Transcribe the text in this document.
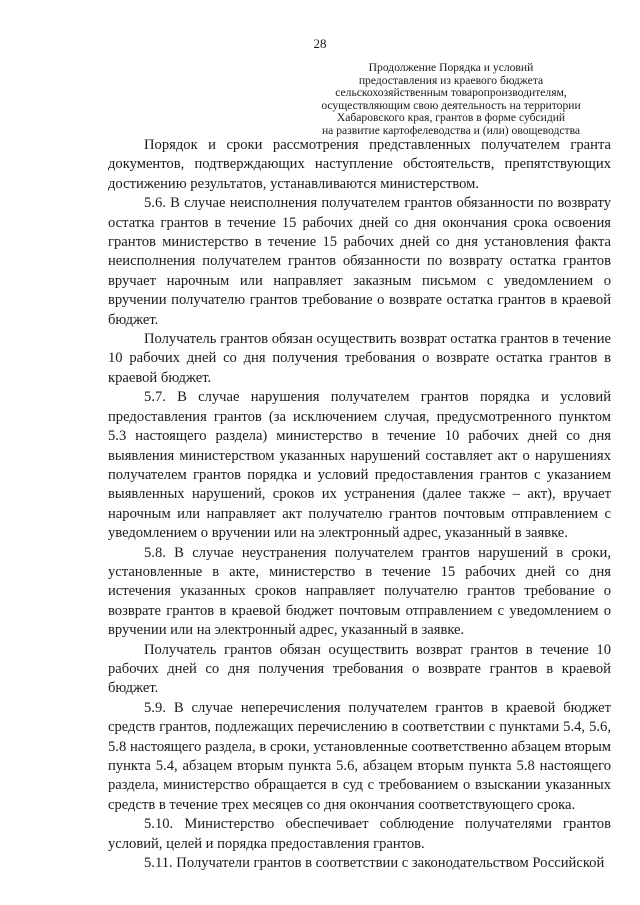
28
Продолжение Порядка и условий
предоставления из краевого бюджета
сельскохозяйственным товаропроизводителям,
осуществляющим свою деятельность на территории
Хабаровского края, грантов в форме субсидий
на развитие картофелеводства и (или) овощеводства

Порядок и сроки рассмотрения представленных получателем гранта документов, подтверждающих наступление обстоятельств, препятствующих достижению результатов, устанавливаются министерством.

5.6. В случае неисполнения получателем грантов обязанности по возврату остатка грантов в течение 15 рабочих дней со дня окончания срока освоения грантов министерство в течение 15 рабочих дней со дня установления факта неисполнения получателем грантов обязанности по возврату остатка грантов вручает нарочным или направляет заказным письмом с уведомлением о вручении получателю грантов требование о возврате остатка грантов в краевой бюджет.

Получатель грантов обязан осуществить возврат остатка грантов в течение 10 рабочих дней со дня получения требования о возврате остатка грантов в краевой бюджет.

5.7. В случае нарушения получателем грантов порядка и условий предоставления грантов (за исключением случая, предусмотренного пунктом 5.3 настоящего раздела) министерство в течение 10 рабочих дней со дня выявления министерством указанных нарушений составляет акт о нарушениях получателем грантов порядка и условий предоставления грантов с указанием выявленных нарушений, сроков их устранения (далее также – акт), вручает нарочным или направляет акт получателю грантов почтовым отправлением с уведомлением о вручении или на электронный адрес, указанный в заявке.

5.8. В случае неустранения получателем грантов нарушений в сроки, установленные в акте, министерство в течение 15 рабочих дней со дня истечения указанных сроков направляет получателю грантов требование о возврате грантов в краевой бюджет почтовым отправлением с уведомлением о вручении или на электронный адрес, указанный в заявке.

Получатель грантов обязан осуществить возврат грантов в течение 10 рабочих дней со дня получения требования о возврате грантов в краевой бюджет.

5.9. В случае неперечисления получателем грантов в краевой бюджет средств грантов, подлежащих перечислению в соответствии с пунктами 5.4, 5.6, 5.8 настоящего раздела, в сроки, установленные соответственно абзацем вторым пункта 5.4, абзацем вторым пункта 5.6, абзацем вторым пункта 5.8 настоящего раздела, министерство обращается в суд с требованием о взыскании указанных средств в течение трех месяцев со дня окончания соответствующего срока.

5.10. Министерство обеспечивает соблюдение получателями грантов условий, целей и порядка предоставления грантов.

5.11. Получатели грантов в соответствии с законодательством Российской
